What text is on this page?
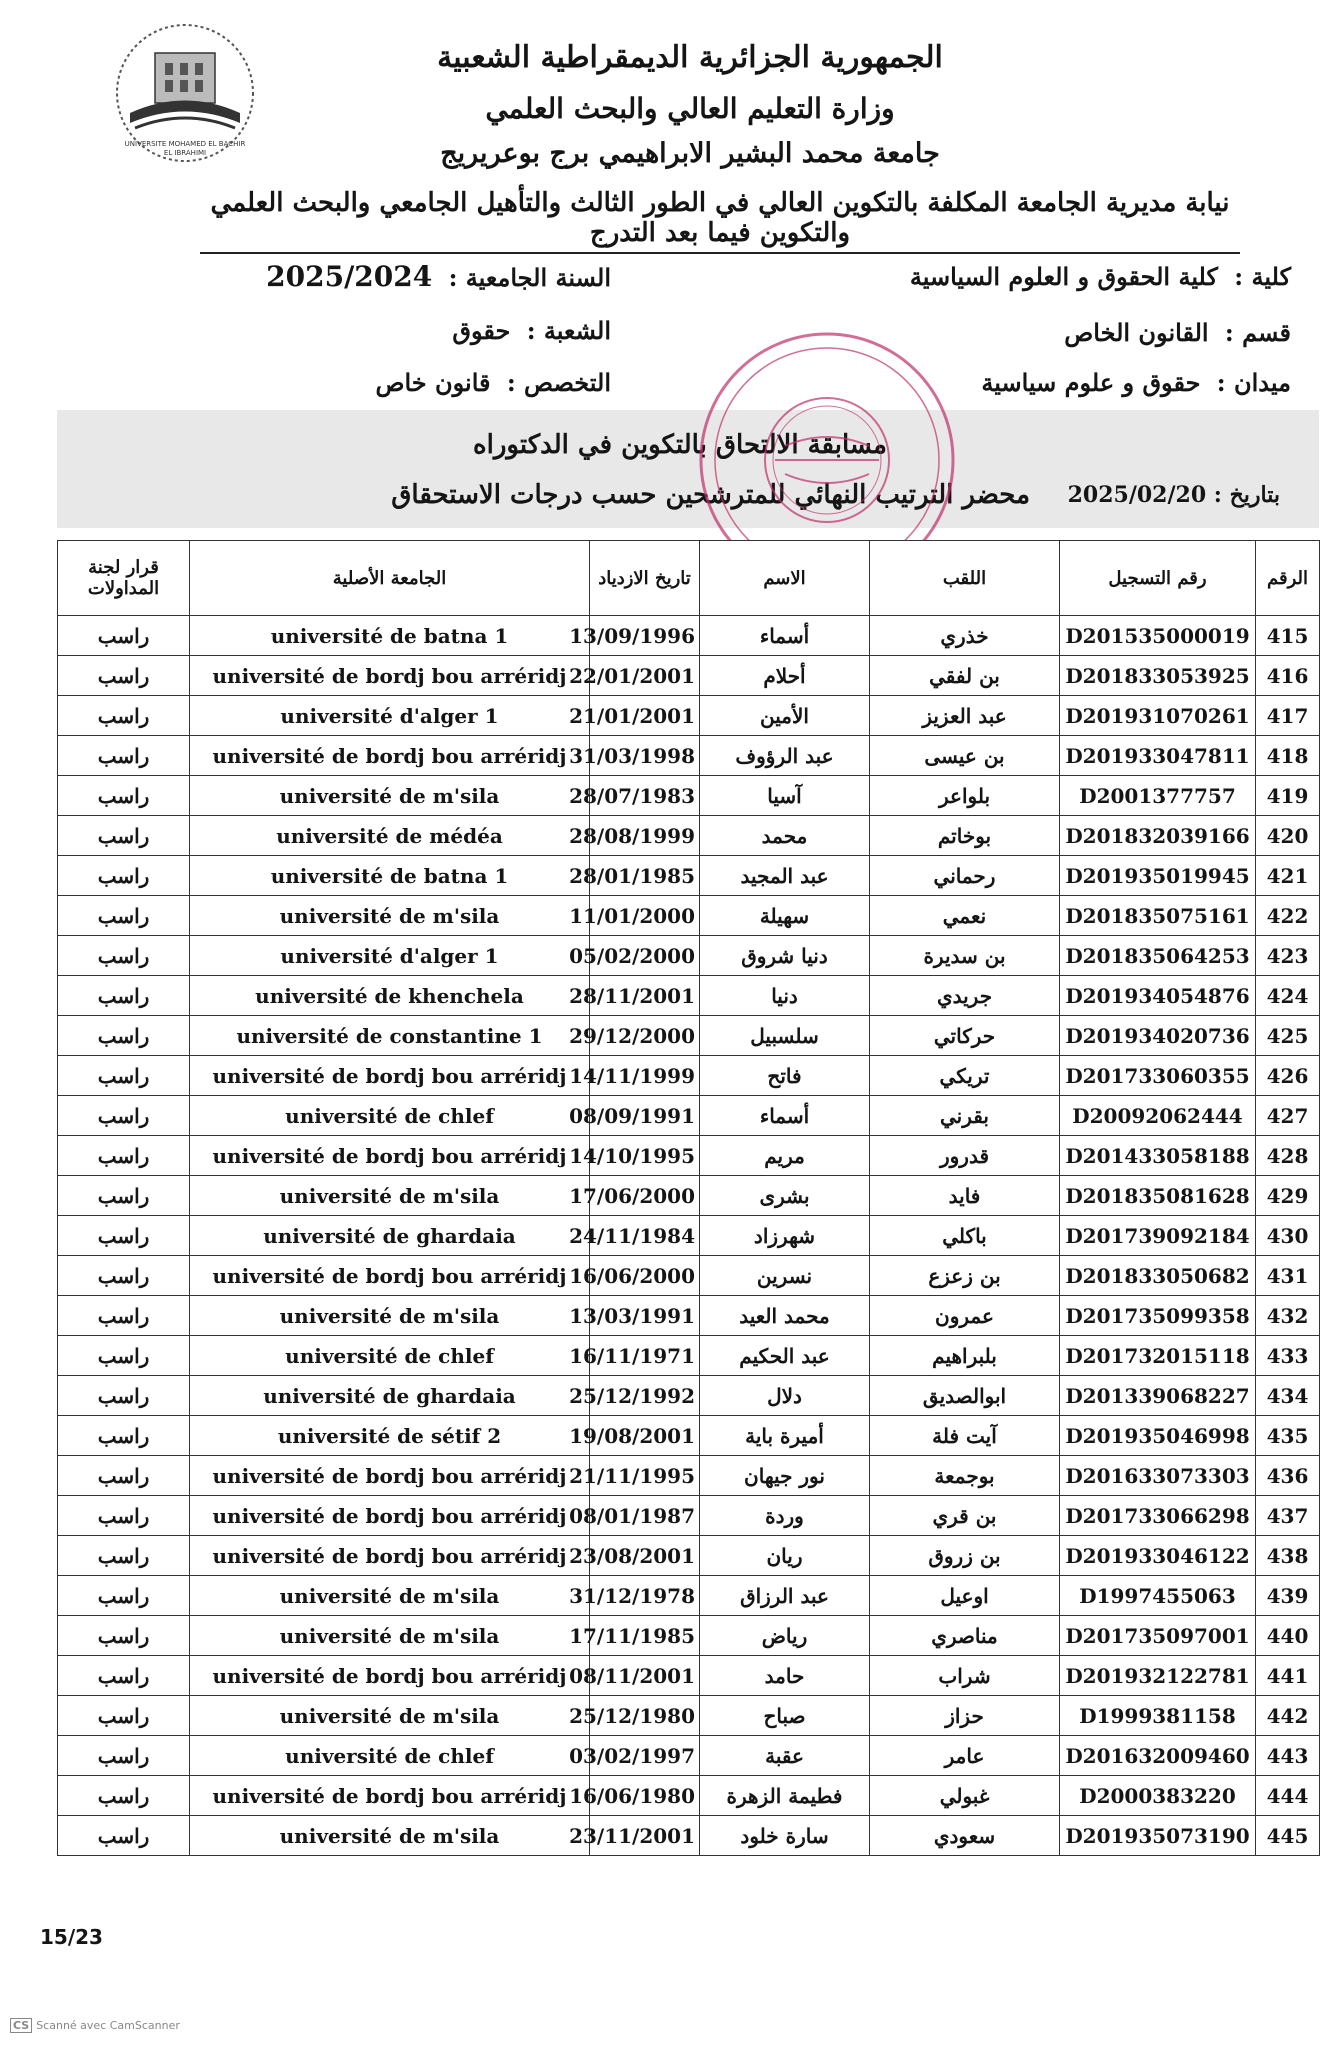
UNIVERSITE MOHAMED EL BACHIR
EL IBRAHIMI
الجمهورية الجزائرية الديمقراطية الشعبية
وزارة التعليم العالي والبحث العلمي
جامعة محمد البشير الابراهيمي برج بوعريريج
نيابة مديرية الجامعة المكلفة بالتكوين العالي في الطور الثالث والتأهيل الجامعي والبحث العلمي والتكوين فيما بعد التدرج
كلية : كلية الحقوق و العلوم السياسية
قسم : القانون الخاص
ميدان : حقوق و علوم سياسية
السنة الجامعية : 2025/2024
الشعبة : حقوق
التخصص : قانون خاص
مسابقة الالتحاق بالتكوين في الدكتوراه
محضر الترتيب النهائي للمترشحين حسب درجات الاستحقاق	بتاريخ : 2025/02/20
الرقم	رقم التسجيل	اللقب	الاسم	تاريخ الازدياد	الجامعة الأصلية	قرار لجنة المداولات
415	D201535000019	خذري	أسماء	13/09/1996	université de batna 1	راسب
416	D201833053925	بن لفقي	أحلام	22/01/2001	université de bordj bou arréridj	راسب
417	D201931070261	عبد العزيز	الأمين	21/01/2001	université d'alger 1	راسب
418	D201933047811	بن عيسى	عبد الرؤوف	31/03/1998	université de bordj bou arréridj	راسب
419	D2001377757	بلواعر	آسيا	28/07/1983	université de m'sila	راسب
420	D201832039166	بوخاتم	محمد	28/08/1999	université de médéa	راسب
421	D201935019945	رحماني	عبد المجيد	28/01/1985	université de batna 1	راسب
422	D201835075161	نعمي	سهيلة	11/01/2000	université de m'sila	راسب
423	D201835064253	بن سديرة	دنيا شروق	05/02/2000	université d'alger 1	راسب
424	D201934054876	جريدي	دنيا	28/11/2001	université de khenchela	راسب
425	D201934020736	حركاتي	سلسبيل	29/12/2000	université de constantine 1	راسب
426	D201733060355	تريكي	فاتح	14/11/1999	université de bordj bou arréridj	راسب
427	D20092062444	بقرني	أسماء	08/09/1991	université de chlef	راسب
428	D201433058188	قدرور	مريم	14/10/1995	université de bordj bou arréridj	راسب
429	D201835081628	فايد	بشرى	17/06/2000	université de m'sila	راسب
430	D201739092184	باكلي	شهرزاد	24/11/1984	université de ghardaia	راسب
431	D201833050682	بن زعزع	نسرين	16/06/2000	université de bordj bou arréridj	راسب
432	D201735099358	عمرون	محمد العيد	13/03/1991	université de m'sila	راسب
433	D201732015118	بلبراهيم	عبد الحكيم	16/11/1971	université de chlef	راسب
434	D201339068227	ابوالصديق	دلال	25/12/1992	université de ghardaia	راسب
435	D201935046998	آيت فلة	أميرة باية	19/08/2001	université de sétif 2	راسب
436	D201633073303	بوجمعة	نور جيهان	21/11/1995	université de bordj bou arréridj	راسب
437	D201733066298	بن قري	وردة	08/01/1987	université de bordj bou arréridj	راسب
438	D201933046122	بن زروق	ريان	23/08/2001	université de bordj bou arréridj	راسب
439	D1997455063	اوعيل	عبد الرزاق	31/12/1978	université de m'sila	راسب
440	D201735097001	مناصري	رياض	17/11/1985	université de m'sila	راسب
441	D201932122781	شراب	حامد	08/11/2001	université de bordj bou arréridj	راسب
442	D1999381158	حزاز	صباح	25/12/1980	université de m'sila	راسب
443	D201632009460	عامر	عقبة	03/02/1997	université de chlef	راسب
444	D2000383220	غبولي	فطيمة الزهرة	16/06/1980	université de bordj bou arréridj	راسب
445	D201935073190	سعودي	سارة خلود	23/11/2001	université de m'sila	راسب
15/23
CS Scanné avec CamScanner
